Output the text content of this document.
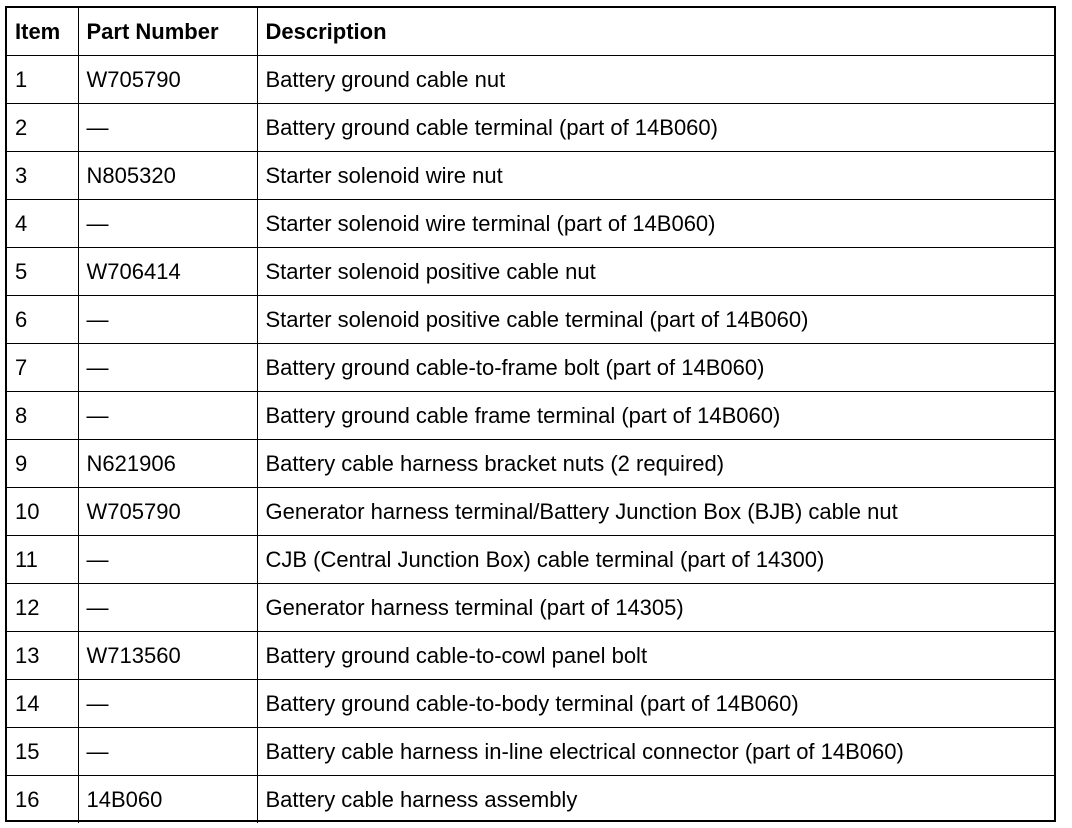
Item	Part Number	Description
1	W705790	Battery ground cable nut
2	—	Battery ground cable terminal (part of 14B060)
3	N805320	Starter solenoid wire nut
4	—	Starter solenoid wire terminal (part of 14B060)
5	W706414	Starter solenoid positive cable nut
6	—	Starter solenoid positive cable terminal (part of 14B060)
7	—	Battery ground cable-to-frame bolt (part of 14B060)
8	—	Battery ground cable frame terminal (part of 14B060)
9	N621906	Battery cable harness bracket nuts (2 required)
10	W705790	Generator harness terminal/Battery Junction Box (BJB) cable nut
11	—	CJB (Central Junction Box) cable terminal (part of 14300)
12	—	Generator harness terminal (part of 14305)
13	W713560	Battery ground cable-to-cowl panel bolt
14	—	Battery ground cable-to-body terminal (part of 14B060)
15	—	Battery cable harness in-line electrical connector (part of 14B060)
16	14B060	Battery cable harness assembly
